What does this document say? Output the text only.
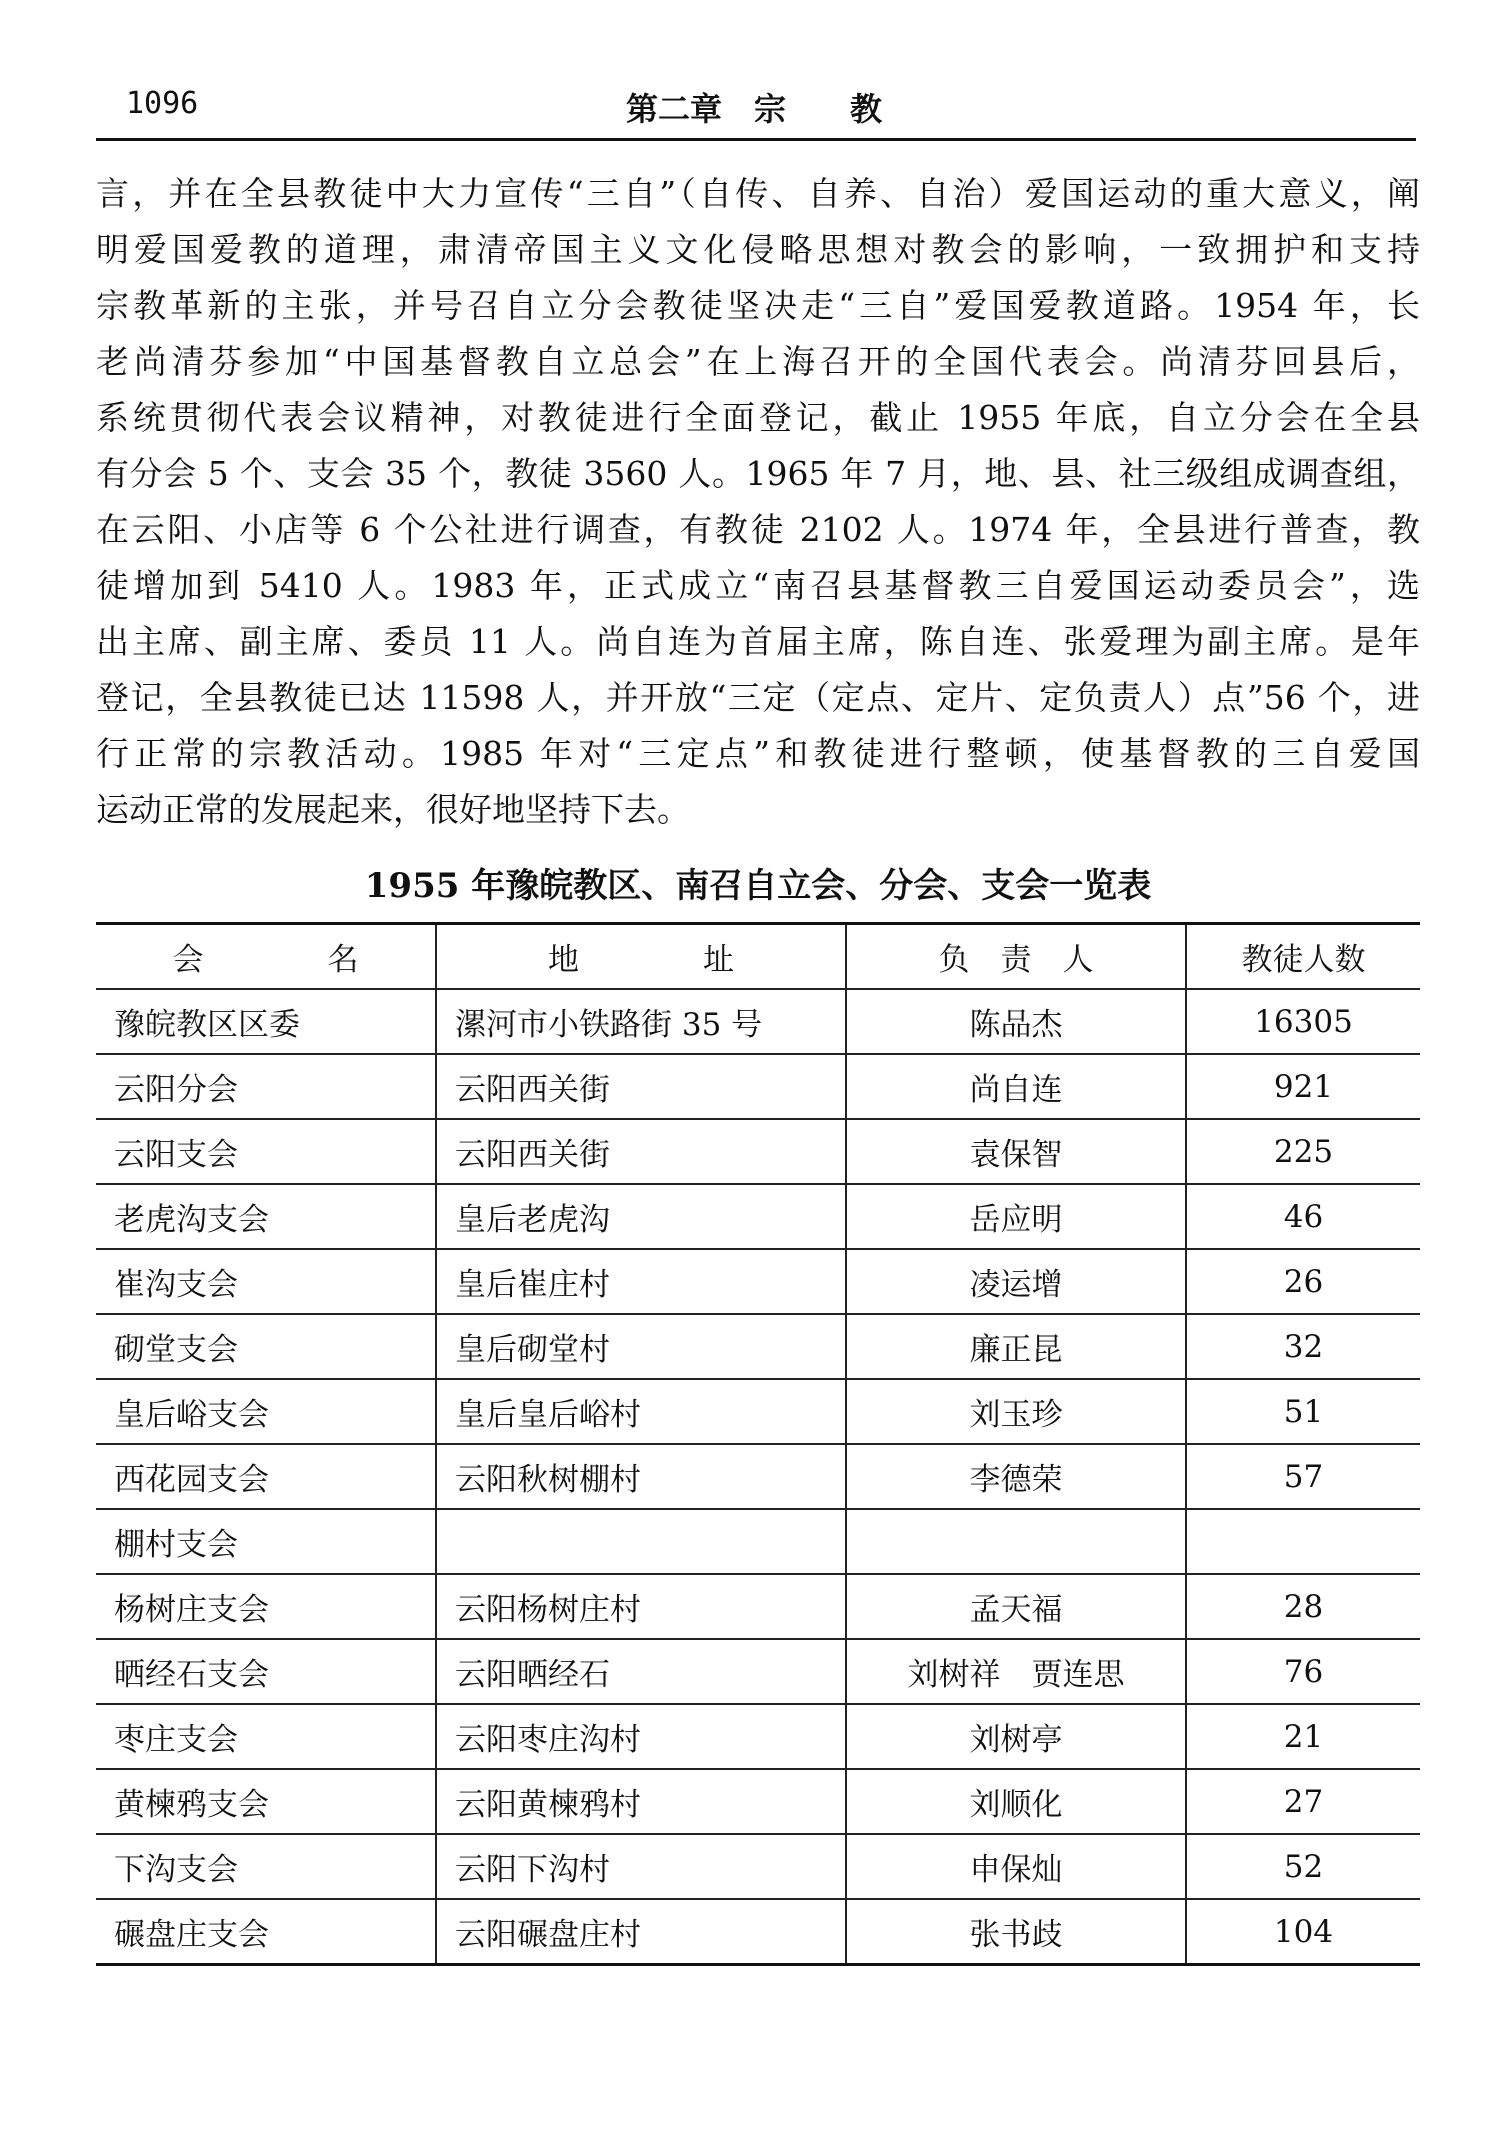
1096	第二章　宗　　教
言，并在全县教徒中大力宣传“三自”（自传、自养、自治）爱国运动的重大意义，阐
明爱国爱教的道理，肃清帝国主义文化侵略思想对教会的影响，一致拥护和支持
宗教革新的主张，并号召自立分会教徒坚决走“三自”爱国爱教道路。1954 年，长
老尚清芬参加“中国基督教自立总会”在上海召开的全国代表会。尚清芬回县后，
系统贯彻代表会议精神，对教徒进行全面登记，截止 1955 年底，自立分会在全县
有分会 5 个、支会 35 个，教徒 3560 人。1965 年 7 月，地、县、社三级组成调查组，
在云阳、小店等 6 个公社进行调查，有教徒 2102 人。1974 年，全县进行普查，教
徒增加到 5410 人。1983 年，正式成立“南召县基督教三自爱国运动委员会”，选
出主席、副主席、委员 11 人。尚自连为首届主席，陈自连、张爱理为副主席。是年
登记，全县教徒已达 11598 人，并开放“三定（定点、定片、定负责人）点”56 个，进
行正常的宗教活动。1985 年对“三定点”和教徒进行整顿，使基督教的三自爱国
运动正常的发展起来，很好地坚持下去。
1955 年豫皖教区、南召自立会、分会、支会一览表
会　　　　名	地　　　　址	负　责　人	教徒人数
豫皖教区区委	漯河市小铁路街 35 号	陈品杰	16305
云阳分会	云阳西关街	尚自连	921
云阳支会	云阳西关街	袁保智	225
老虎沟支会	皇后老虎沟	岳应明	46
崔沟支会	皇后崔庄村	凌运增	26
砌堂支会	皇后砌堂村	廉正昆	32
皇后峪支会	皇后皇后峪村	刘玉珍	51
西花园支会	云阳秋树棚村	李德荣	57
棚村支会			
杨树庄支会	云阳杨树庄村	孟天福	28
晒经石支会	云阳晒经石	刘树祥　贾连思	76
枣庄支会	云阳枣庄沟村	刘树亭	21
黄楝鸦支会	云阳黄楝鸦村	刘顺化	27
下沟支会	云阳下沟村	申保灿	52
碾盘庄支会	云阳碾盘庄村	张书歧	104
